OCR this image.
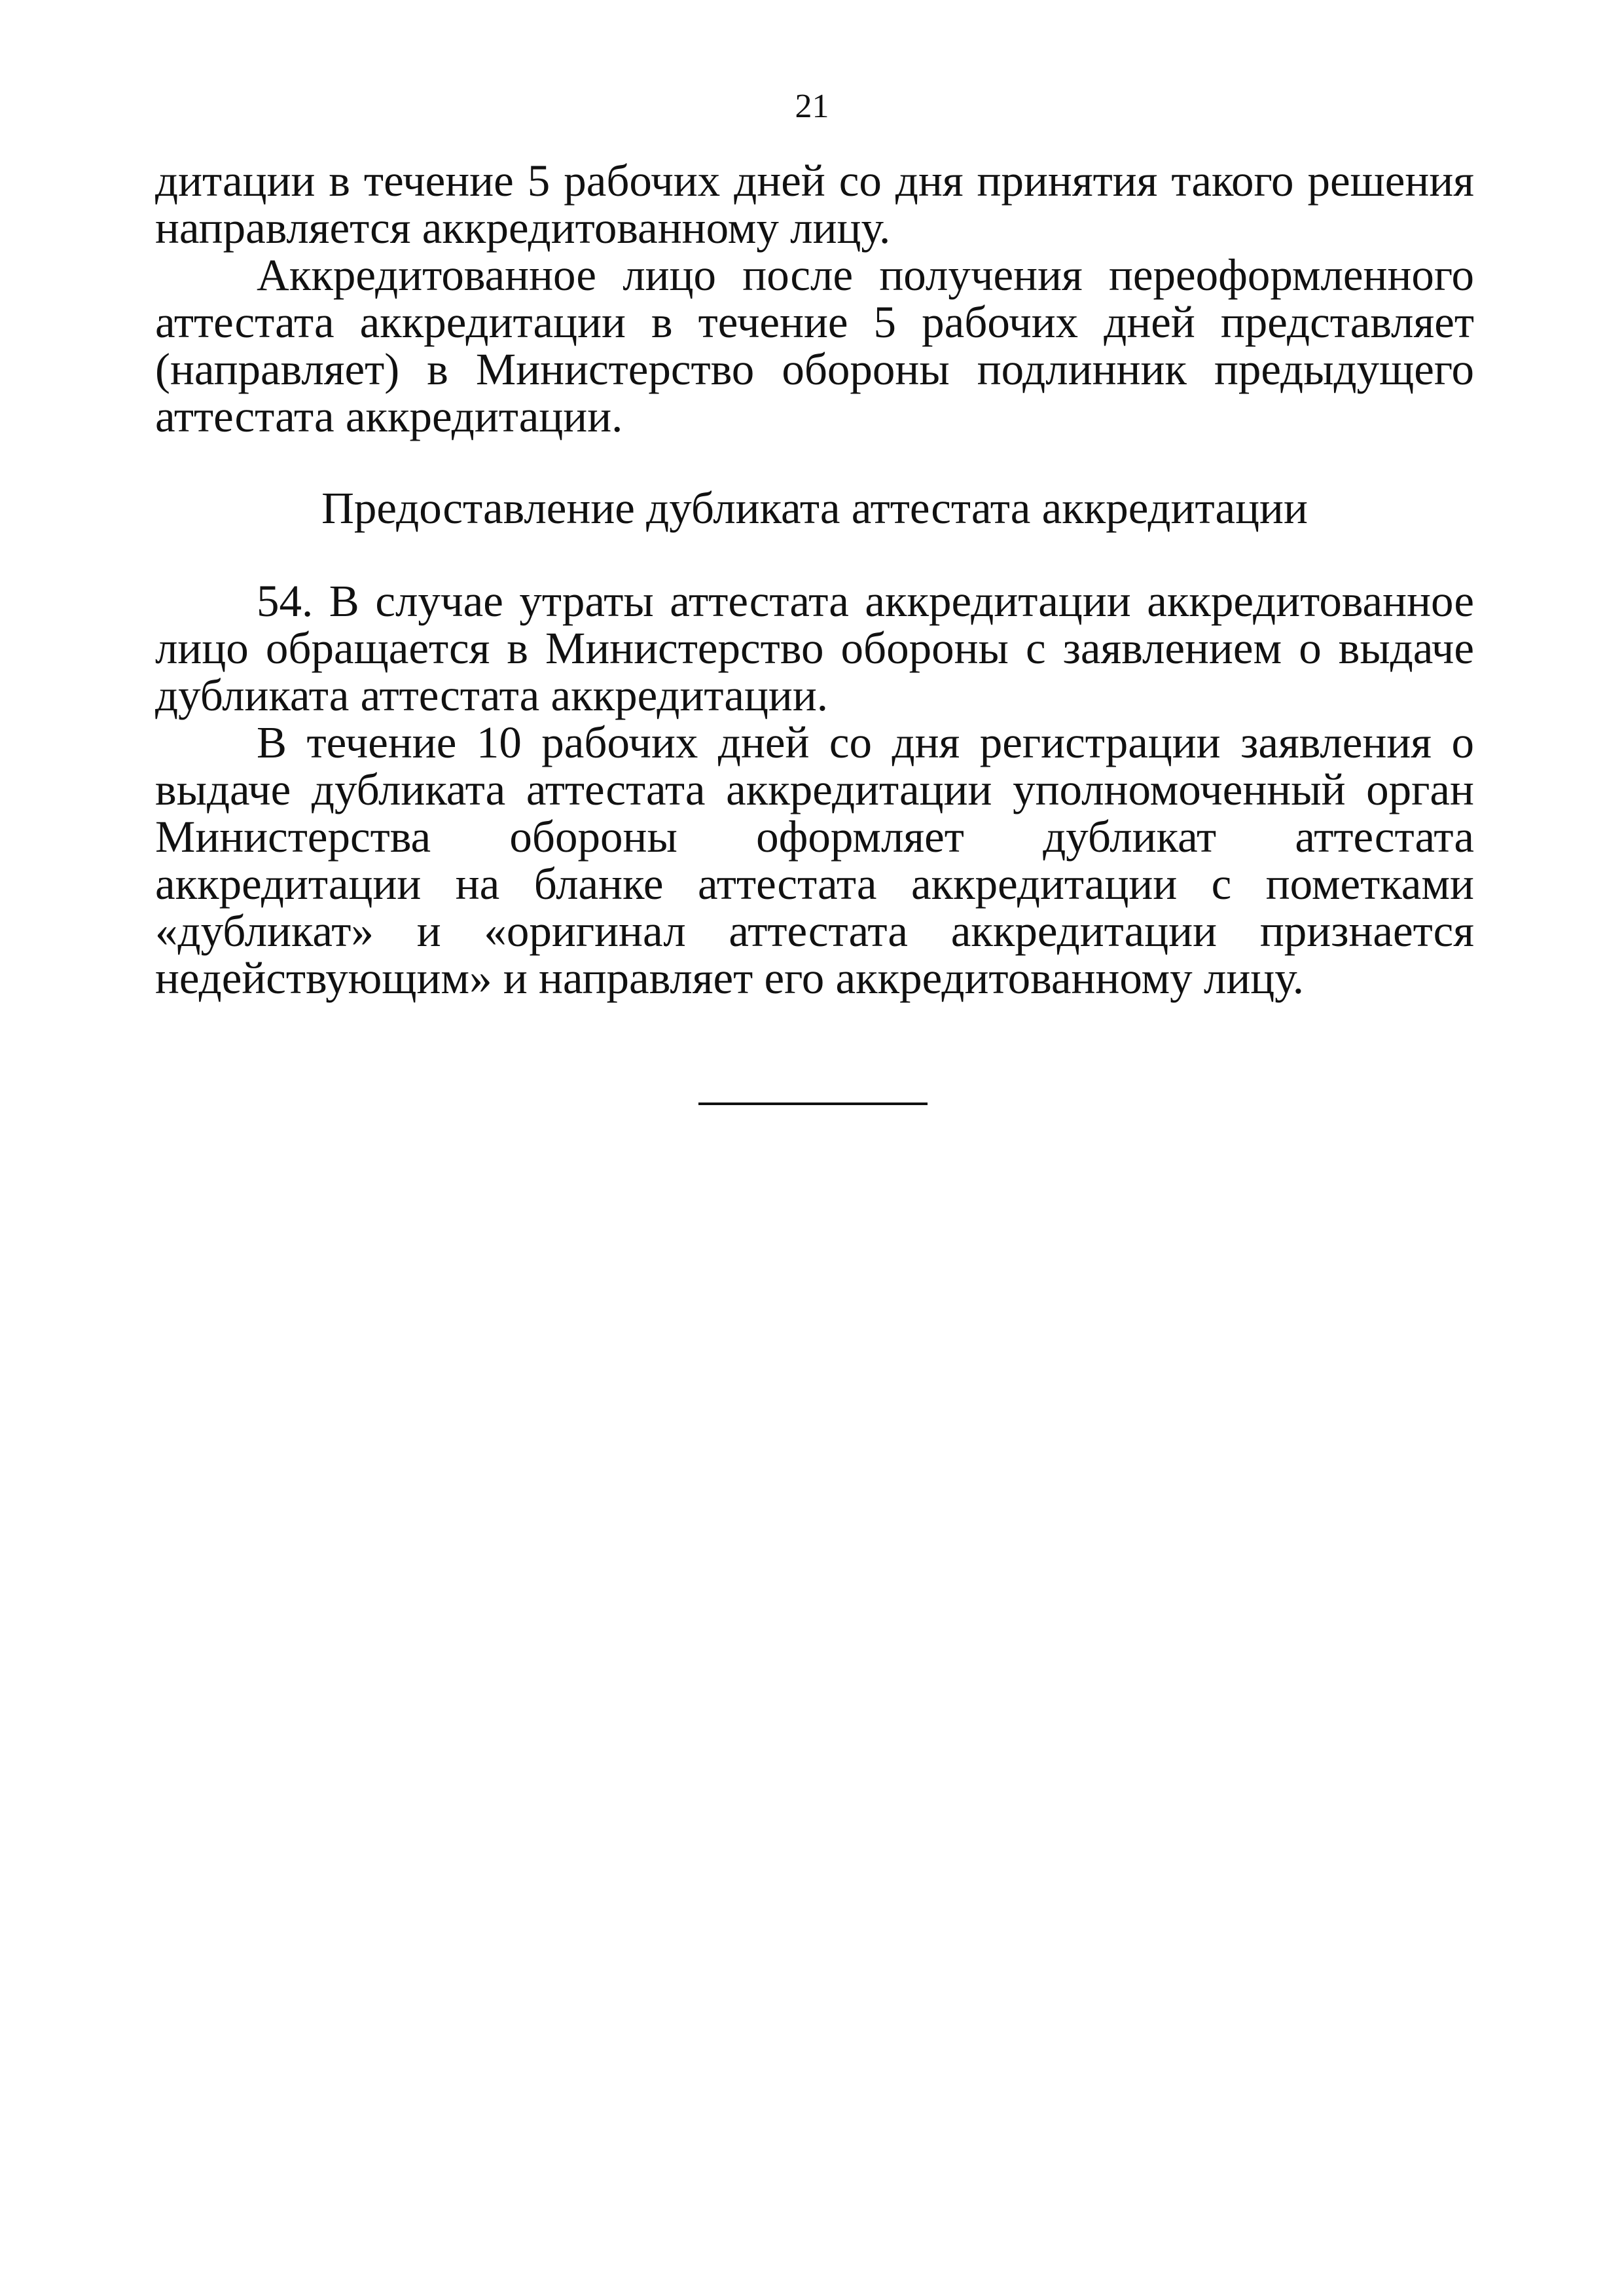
21

дитации в течение 5 рабочих дней со дня принятия такого решения направляется аккредитованному лицу.

Аккредитованное лицо после получения переоформленного аттестата аккредитации в течение 5 рабочих дней представляет (направляет) в Министерство обороны подлинник предыдущего аттестата аккредитации.

Предоставление дубликата аттестата аккредитации

54. В случае утраты аттестата аккредитации аккредитованное лицо обращается в Министерство обороны с заявлением о выдаче дубликата аттестата аккредитации.

В течение 10 рабочих дней со дня регистрации заявления о выдаче дубликата аттестата аккредитации уполномоченный орган Министерства обороны оформляет дубликат аттестата аккредитации на бланке аттестата аккредитации с пометками «дубликат» и «оригинал аттестата аккредитации признается недействующим» и направляет его аккредитованному лицу.
